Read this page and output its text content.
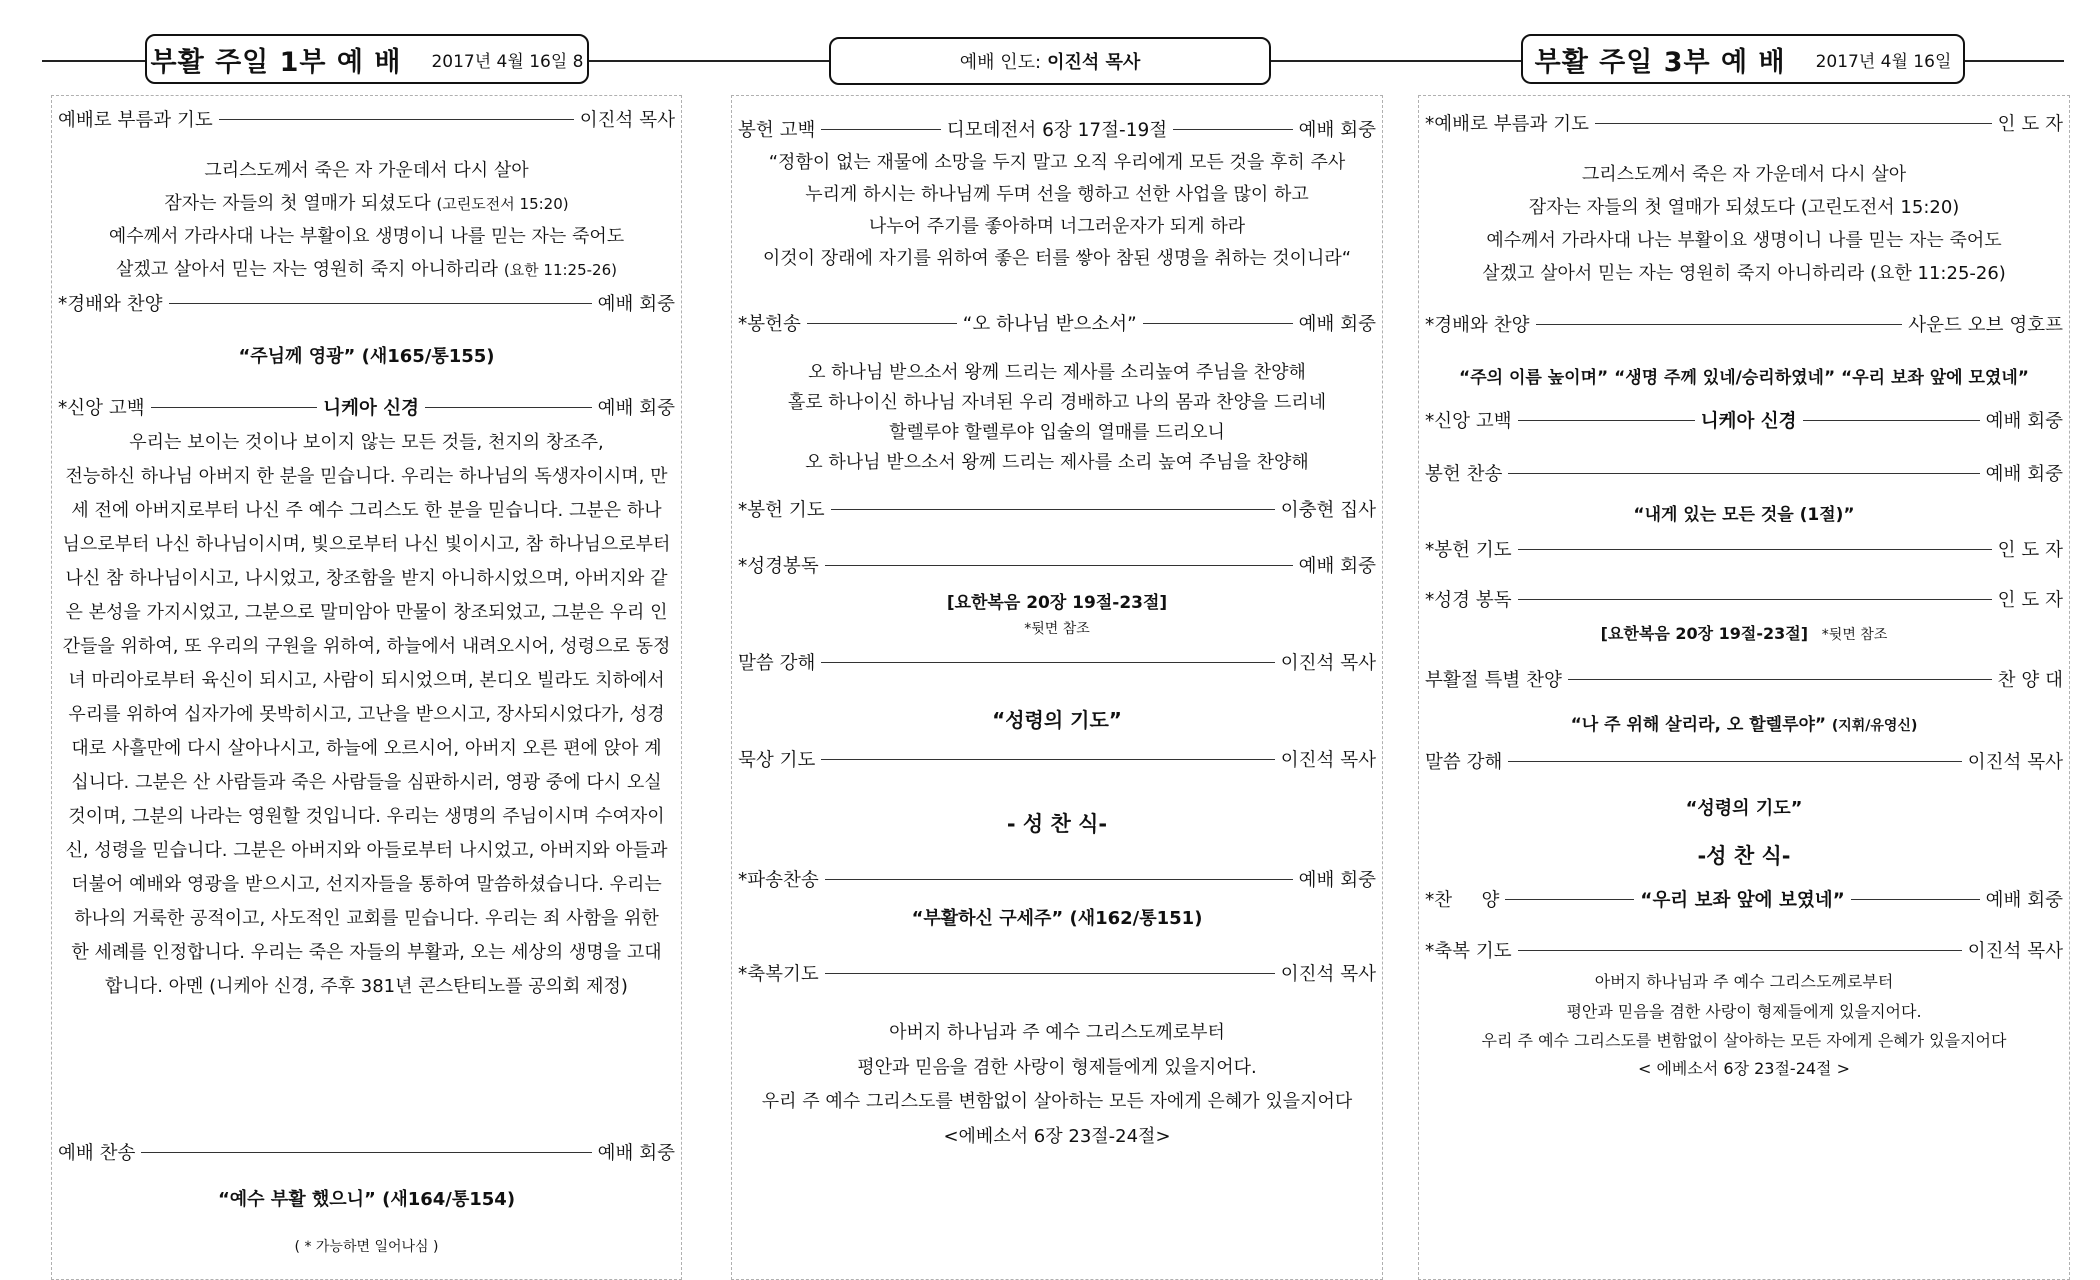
부활 주일 1부 예 배 2017년 4월 16일 8	예배 인도: 이진석 목사	부활 주일 3부 예 배 2017년 4월 16일
예배로 부름과 기도	이진석 목사
그리스도께서 죽은 자 가운데서 다시 살아
잠자는 자들의 첫 열매가 되셨도다 (고린도전서 15:20)
예수께서 가라사대 나는 부활이요 생명이니 나를 믿는 자는 죽어도
살겠고 살아서 믿는 자는 영원히 죽지 아니하리라 (요한 11:25-26)
*경배와 찬양	예배 회중
“주님께 영광” (새165/통155)
*신앙 고백	니케아 신경	예배 회중
우리는 보이는 것이나 보이지 않는 모든 것들, 천지의 창조주,
전능하신 하나님 아버지 한 분을 믿습니다. 우리는 하나님의 독생자이시며, 만
세 전에 아버지로부터 나신 주 예수 그리스도 한 분을 믿습니다. 그분은 하나
님으로부터 나신 하나님이시며, 빛으로부터 나신 빛이시고, 참 하나님으로부터
나신 참 하나님이시고, 나시었고, 창조함을 받지 아니하시었으며, 아버지와 같
은 본성을 가지시었고, 그분으로 말미암아 만물이 창조되었고, 그분은 우리 인
간들을 위하여, 또 우리의 구원을 위하여, 하늘에서 내려오시어, 성령으로 동정
녀 마리아로부터 육신이 되시고, 사람이 되시었으며, 본디오 빌라도 치하에서
우리를 위하여 십자가에 못박히시고, 고난을 받으시고, 장사되시었다가, 성경
대로 사흘만에 다시 살아나시고, 하늘에 오르시어, 아버지 오른 편에 앉아 계
십니다. 그분은 산 사람들과 죽은 사람들을 심판하시러, 영광 중에 다시 오실
것이며, 그분의 나라는 영원할 것입니다. 우리는 생명의 주님이시며 수여자이
신, 성령을 믿습니다. 그분은 아버지와 아들로부터 나시었고, 아버지와 아들과
더불어 예배와 영광을 받으시고, 선지자들을 통하여 말씀하셨습니다. 우리는
하나의 거룩한 공적이고, 사도적인 교회를 믿습니다. 우리는 죄 사함을 위한
한 세례를 인정합니다. 우리는 죽은 자들의 부활과, 오는 세상의 생명을 고대
합니다. 아멘 (니케아 신경, 주후 381년 콘스탄티노플 공의회 제정)
예배 찬송	예배 회중
“예수 부활 했으니” (새164/통154)
( * 가능하면 일어나심 )
봉헌 고백	디모데전서 6장 17절-19절	예배 회중
“정함이 없는 재물에 소망을 두지 말고 오직 우리에게 모든 것을 후히 주사
누리게 하시는 하나님께 두며 선을 행하고 선한 사업을 많이 하고
나누어 주기를 좋아하며 너그러운자가 되게 하라
이것이 장래에 자기를 위하여 좋은 터를 쌓아 참된 생명을 취하는 것이니라“
*봉헌송	“오 하나님 받으소서”	예배 회중
오 하나님 받으소서 왕께 드리는 제사를 소리높여 주님을 찬양해
홀로 하나이신 하나님 자녀된 우리 경배하고 나의 몸과 찬양을 드리네
할렐루야 할렐루야 입술의 열매를 드리오니
오 하나님 받으소서 왕께 드리는 제사를 소리 높여 주님을 찬양해
*봉헌 기도	이충현 집사
*성경봉독	예배 회중
[요한복음 20장 19절-23절]
*뒷면 참조
말씀 강해	이진석 목사
“성령의 기도”
묵상 기도	이진석 목사
- 성 찬 식-
*파송찬송	예배 회중
“부활하신 구세주” (새162/통151)
*축복기도	이진석 목사
아버지 하나님과 주 예수 그리스도께로부터
평안과 믿음을 겸한 사랑이 형제들에게 있을지어다.
우리 주 예수 그리스도를 변함없이 살아하는 모든 자에게 은혜가 있을지어다
<에베소서 6장 23절-24절>
*예배로 부름과 기도	인 도 자
그리스도께서 죽은 자 가운데서 다시 살아
잠자는 자들의 첫 열매가 되셨도다 (고린도전서 15:20)
예수께서 가라사대 나는 부활이요 생명이니 나를 믿는 자는 죽어도
살겠고 살아서 믿는 자는 영원히 죽지 아니하리라 (요한 11:25-26)
*경배와 찬양	사운드 오브 영호프
“주의 이름 높이며” “생명 주께 있네/승리하였네” “우리 보좌 앞에 모였네”
*신앙 고백	니케아 신경	예배 회중
봉헌 찬송	예배 회중
“내게 있는 모든 것을 (1절)”
*봉헌 기도	인 도 자
*성경 봉독	인 도 자
[요한복음 20장 19절-23절] *뒷면 참조
부활절 특별 찬양	찬 양 대
“나 주 위해 살리라, 오 할렐루야” (지휘/유영신)
말씀 강해	이진석 목사
“성령의 기도”
-성 찬 식-
*찬     양	“우리 보좌 앞에 보였네”	예배 회중
*축복 기도	이진석 목사
아버지 하나님과 주 예수 그리스도께로부터
평안과 믿음을 겸한 사랑이 형제들에게 있을지어다.
우리 주 예수 그리스도를 변함없이 살아하는 모든 자에게 은혜가 있을지어다
< 에베소서 6장 23절-24절 >
